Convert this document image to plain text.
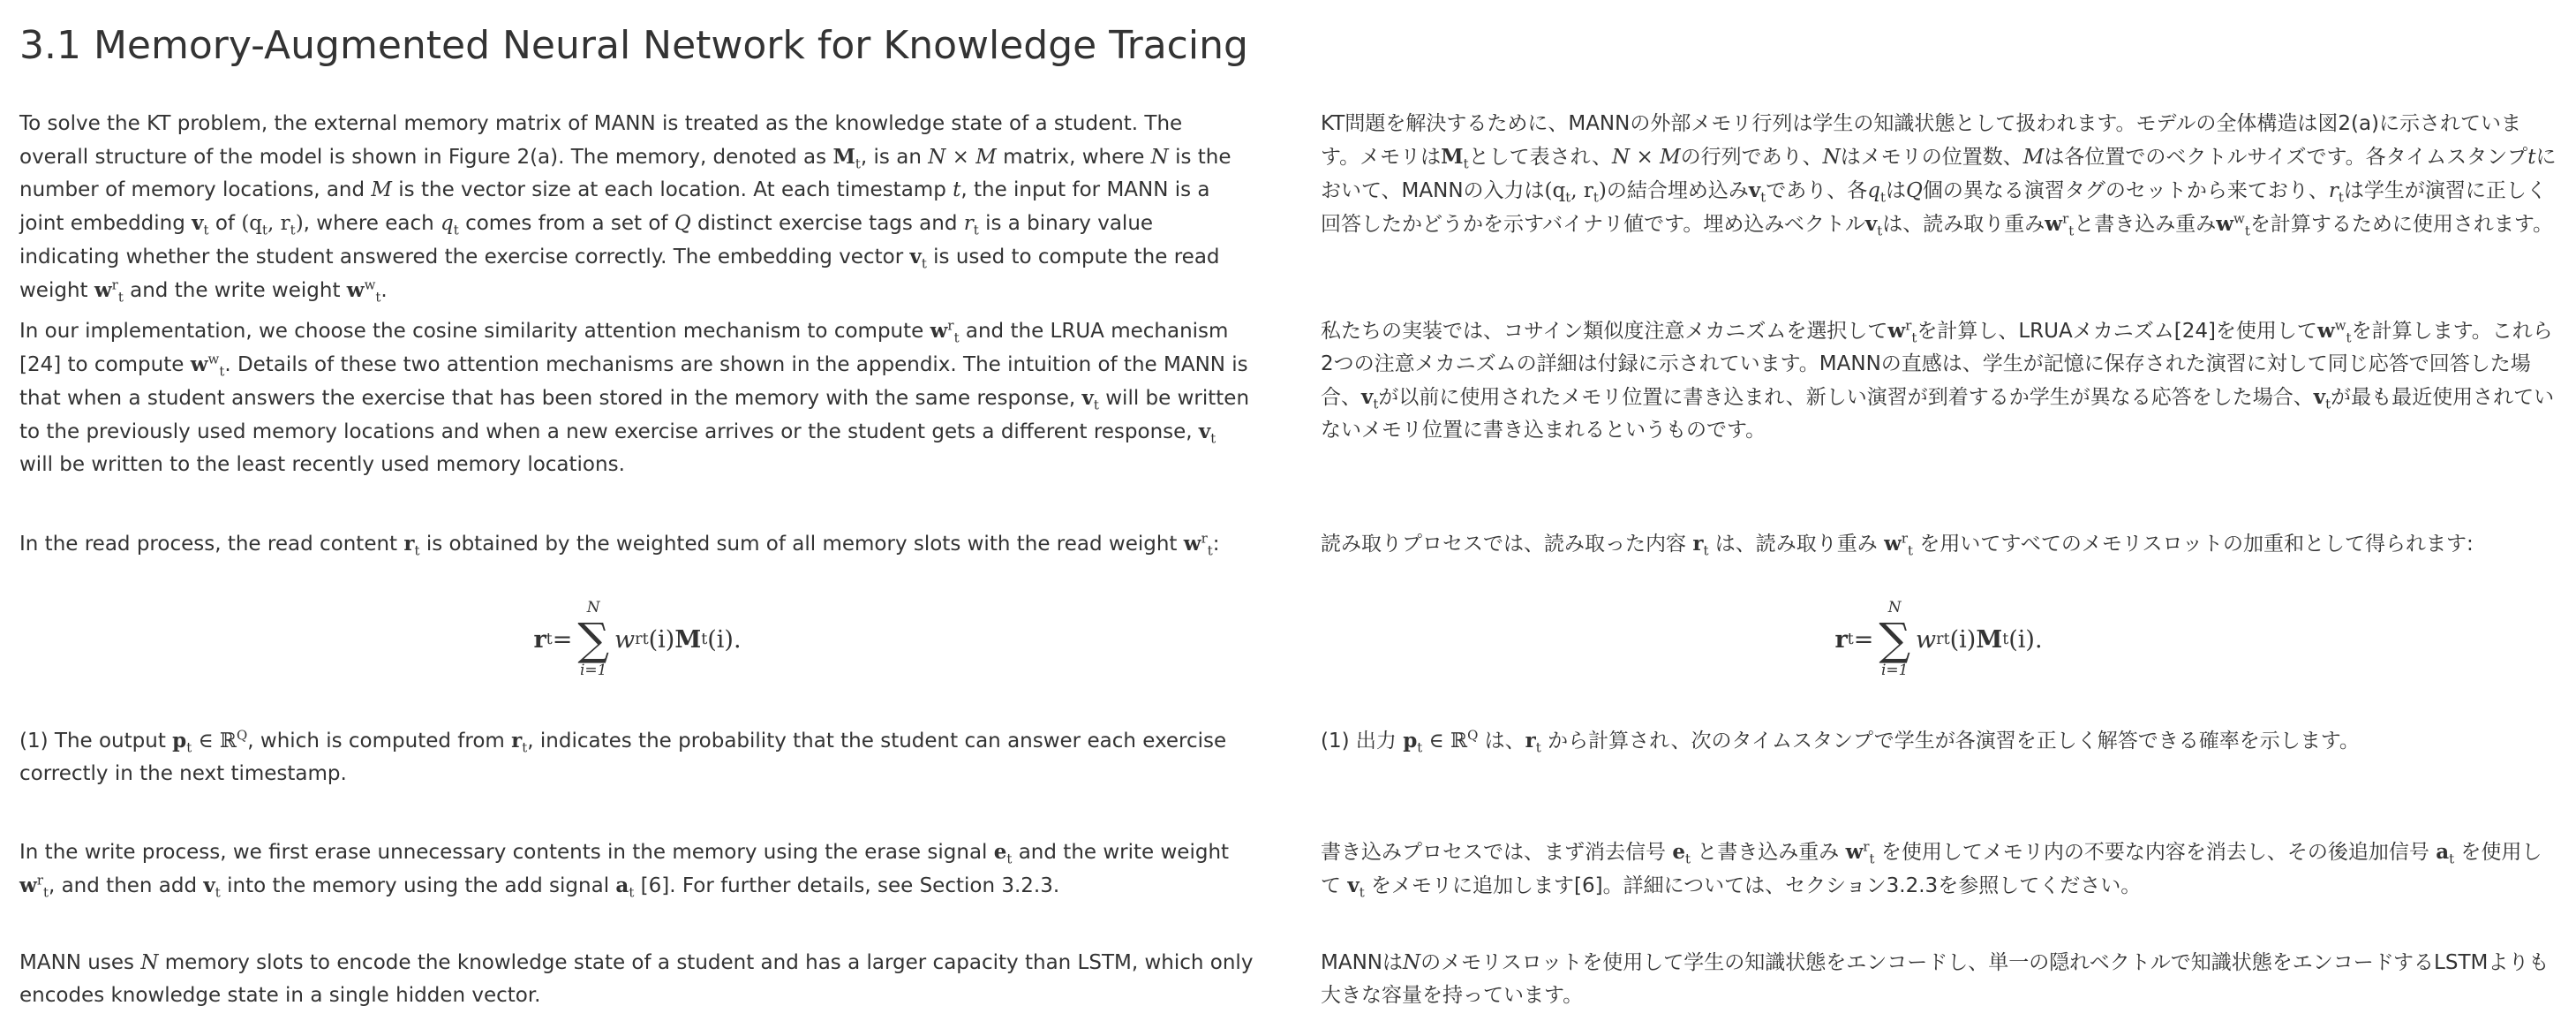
3.1 Memory-Augmented Neural Network for Knowledge Tracing

To solve the KT problem, the external memory matrix of MANN is treated as the knowledge state of a student. The overall structure of the model is shown in Figure 2(a). The memory, denoted as $M_t$, is an N × M matrix, where N is the number of memory locations, and M is the vector size at each location. At each timestamp t, the input for MANN is a joint embedding $v_t$ of ($q_t$, $r_t$), where each $q_t$ comes from a set of Q distinct exercise tags and $r_t$ is a binary value indicating whether the student answered the exercise correctly. The embedding vector $v_t$ is used to compute the read weight $w^r_t$ and the write weight $w^w_t$.

In our implementation, we choose the cosine similarity attention mechanism to compute $w^r_t$ and the LRUA mechanism [24] to compute $w^w_t$. Details of these two attention mechanisms are shown in the appendix. The intuition of the MANN is that when a student answers the exercise that has been stored in the memory with the same response, $v_t$ will be written to the previously used memory locations and when a new exercise arrives or the student gets a different response, $v_t$ will be written to the least recently used memory locations.

In the read process, the read content $r_t$ is obtained by the weighted sum of all memory slots with the read weight $w^r_t$:

r t =
N
∑
i=1
w r t (i) M t (i).

(1) The output $p_t$ ∈ ℝ$^Q$, which is computed from $r_t$, indicates the probability that the student can answer each exercise correctly in the next timestamp.

In the write process, we first erase unnecessary contents in the memory using the erase signal $e_t$ and the write weight $w^r_t$, and then add $v_t$ into the memory using the add signal $a_t$ [6]. For further details, see Section 3.2.3.

MANN uses N memory slots to encode the knowledge state of a student and has a larger capacity than LSTM, which only encodes knowledge state in a single hidden vector.

KT問題を解決するために、MANNの外部メモリ行列は学生の知識状態として扱われます。モデルの全体構造は図2(a)に示されています。メモリは$M_t$として表され、N × Mの行列であり、Nはメモリの位置数、Mは各位置でのベクトルサイズです。各タイムスタンプtにおいて、MANNの入力は($q_t$, $r_t$)の結合埋め込み$v_t$であり、各$q_t$はQ個の異なる演習タグのセットから来ており、$r_t$は学生が演習に正しく回答したかどうかを示すバイナリ値です。埋め込みベクトル$v_t$は、読み取り重み$w^r_t$と書き込み重み$w^w_t$を計算するために使用されます。

私たちの実装では、コサイン類似度注意メカニズムを選択して$w^r_t$を計算し、LRUAメカニズム[24]を使用して$w^w_t$を計算します。これら2つの注意メカニズムの詳細は付録に示されています。MANNの直感は、学生が記憶に保存された演習に対して同じ応答で回答した場合、$v_t$が以前に使用されたメモリ位置に書き込まれ、新しい演習が到着するか学生が異なる応答をした場合、$v_t$が最も最近使用されていないメモリ位置に書き込まれるというものです。

読み取りプロセスでは、読み取った内容 $r_t$ は、読み取り重み $w^r_t$ を用いてすべてのメモリスロットの加重和として得られます:

r t =
N
∑
i=1
w r t (i) M t (i).

(1) 出力 $p_t$ ∈ ℝ$^Q$ は、$r_t$ から計算され、次のタイムスタンプで学生が各演習を正しく解答できる確率を示します。

書き込みプロセスでは、まず消去信号 $e_t$ と書き込み重み $w^r_t$ を使用してメモリ内の不要な内容を消去し、その後追加信号 $a_t$ を使用して $v_t$ をメモリに追加します[6]。詳細については、セクション3.2.3を参照してください。

MANNはNのメモリスロットを使用して学生の知識状態をエンコードし、単一の隠れベクトルで知識状態をエンコードするLSTMよりも大きな容量を持っています。
